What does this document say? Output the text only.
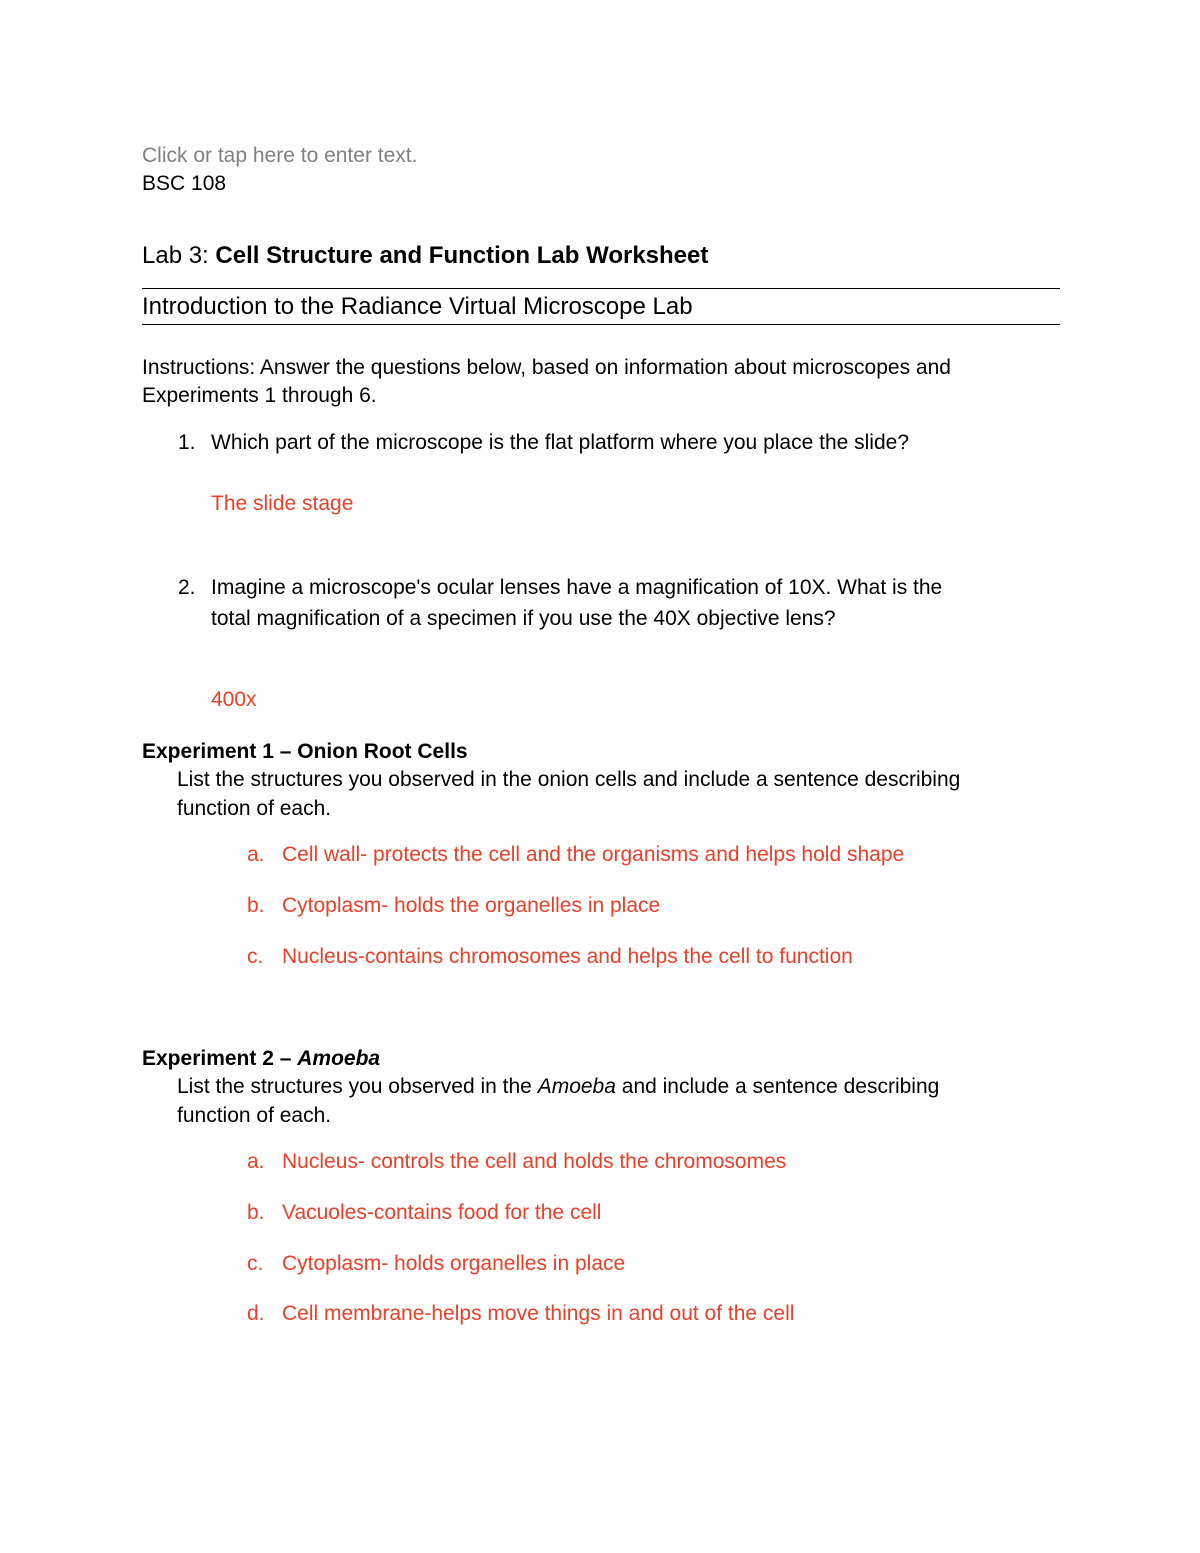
Click or tap here to enter text.
BSC 108
Lab 3: Cell Structure and Function Lab Worksheet
Introduction to the Radiance Virtual Microscope Lab
Instructions: Answer the questions below, based on information about microscopes and
Experiments 1 through 6.
1. Which part of the microscope is the flat platform where you place the slide?
The slide stage
2. Imagine a microscope's ocular lenses have a magnification of 10X. What is the
total magnification of a specimen if you use the 40X objective lens?
400x
Experiment 1 – Onion Root Cells
List the structures you observed in the onion cells and include a sentence describing
function of each.
a. Cell wall- protects the cell and the organisms and helps hold shape
b. Cytoplasm- holds the organelles in place
c. Nucleus-contains chromosomes and helps the cell to function
Experiment 2 – Amoeba
List the structures you observed in the Amoeba and include a sentence describing
function of each.
a. Nucleus- controls the cell and holds the chromosomes
b. Vacuoles-contains food for the cell
c. Cytoplasm- holds organelles in place
d. Cell membrane-helps move things in and out of the cell
